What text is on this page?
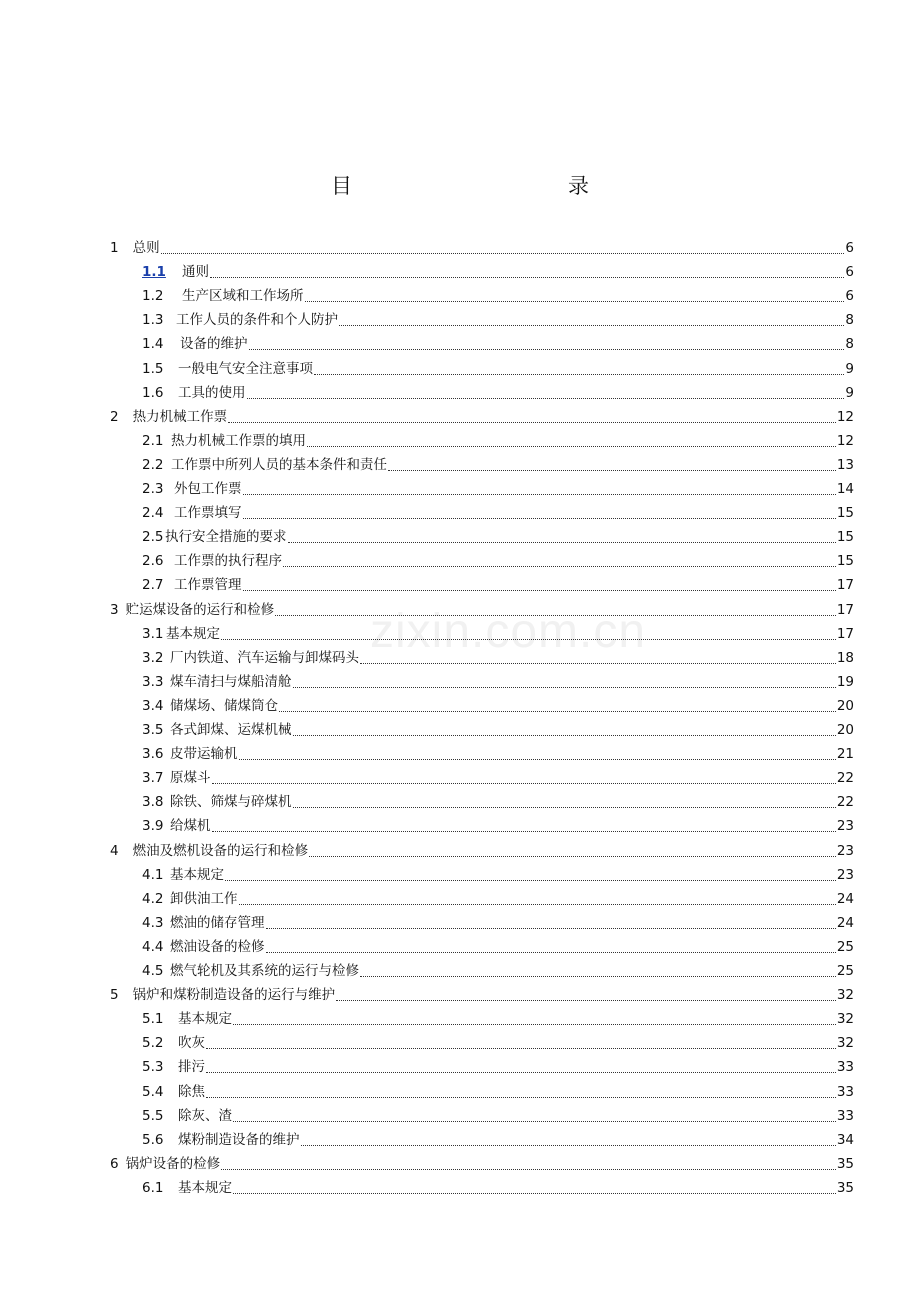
目　　录
zixin.com.cn
1 总则	6
1.1	通则	6
1.2	生产区域和工作场所	6
1.3 工作人员的条件和个人防护	8
1.4	设备的维护	8
1.5	一般电气安全注意事项	9
1.6	工具的使用	9
2 热力机械工作票	12
2.1 热力机械工作票的填用	12
2.2 工作票中所列人员的基本条件和责任	13
2.3 外包工作票	14
2.4 工作票填写	15
2.5 执行安全措施的要求	15
2.6 工作票的执行程序	15
2.7 工作票管理	17
3 贮运煤设备的运行和检修	17
3.1 基本规定	17
3.2 厂内铁道、汽车运输与卸煤码头	18
3.3 煤车清扫与煤船清舱	19
3.4 储煤场、储煤筒仓	20
3.5 各式卸煤、运煤机械	20
3.6 皮带运输机	21
3.7 原煤斗	22
3.8 除铁、筛煤与碎煤机	22
3.9 给煤机	23
4 燃油及燃机设备的运行和检修	23
4.1 基本规定	23
4.2 卸供油工作	24
4.3 燃油的储存管理	24
4.4 燃油设备的检修	25
4.5 燃气轮机及其系统的运行与检修	25
5 锅炉和煤粉制造设备的运行与维护	32
5.1	基本规定	32
5.2	吹灰	32
5.3	排污	33
5.4	除焦	33
5.5	除灰、渣	33
5.6	煤粉制造设备的维护	34
6 锅炉设备的检修	35
6.1	基本规定	35
